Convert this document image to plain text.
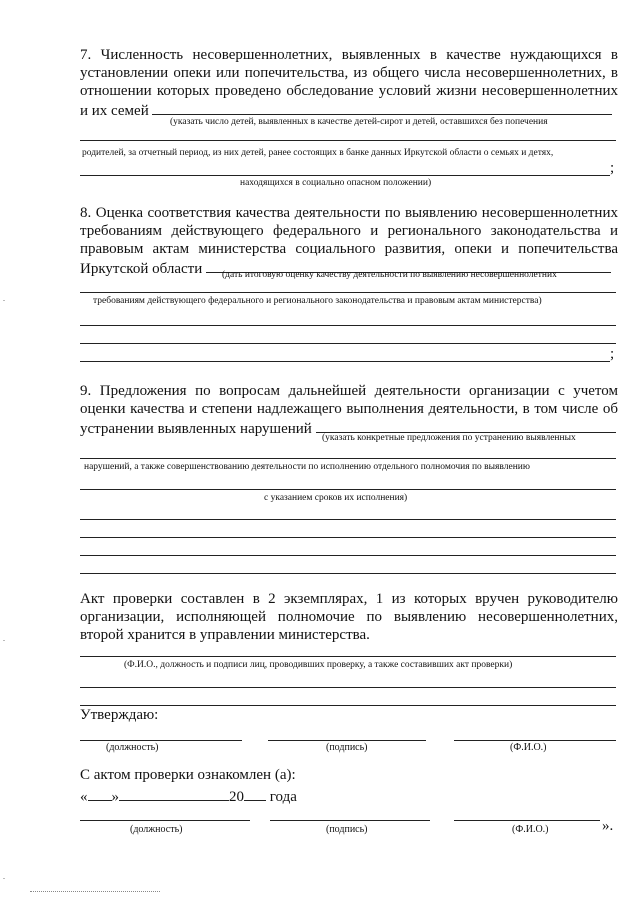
7. Численность несовершеннолетних, выявленных в качестве нуждающихся в установлении опеки или попечительства, из общего числа несовершеннолетних, в отношении которых проведено обследование условий жизни несовершеннолетних и их семей

(указать число детей, выявленных в качестве детей-сирот и детей, оставшихся без попечения
родителей, за отчетный период, из них детей, ранее состоящих в банке данных Иркутской области о семьях и детях,
;
находящихся в социально опасном положении)

8. Оценка соответствия качества деятельности по выявлению несовершеннолетних требованиям действующего федерального и регионального законодательства и правовым актам министерства социального развития, опеки и попечительства Иркутской области	(дать итоговую оценку качеству деятельности по выявлению несовершеннолетних
требованиям действующего федерального и регионального законодательства и правовым актам министерства)
;

9. Предложения по вопросам дальнейшей деятельности организации с учетом оценки качества и степени надлежащего выполнения деятельности, в том числе об устранении выявленных нарушений

(указать конкретные предложения по устранению выявленных
нарушений, а также совершенствованию деятельности по исполнению отдельного полномочия по выявлению
с указанием сроков их исполнения)

Акт проверки составлен в 2 экземплярах, 1 из которых вручен руководителю организации, исполняющей полномочие по выявлению несовершеннолетних, второй хранится в управлении министерства.

(Ф.И.О., должность и подписи лиц, проводивших проверку, а также составивших акт проверки)
Утверждаю:
(должность)	(подпись)	(Ф.И.О.)
С актом проверки ознакомлен (а):
« »	20 года
(должность)	(подпись)	(Ф.И.О.)	».
